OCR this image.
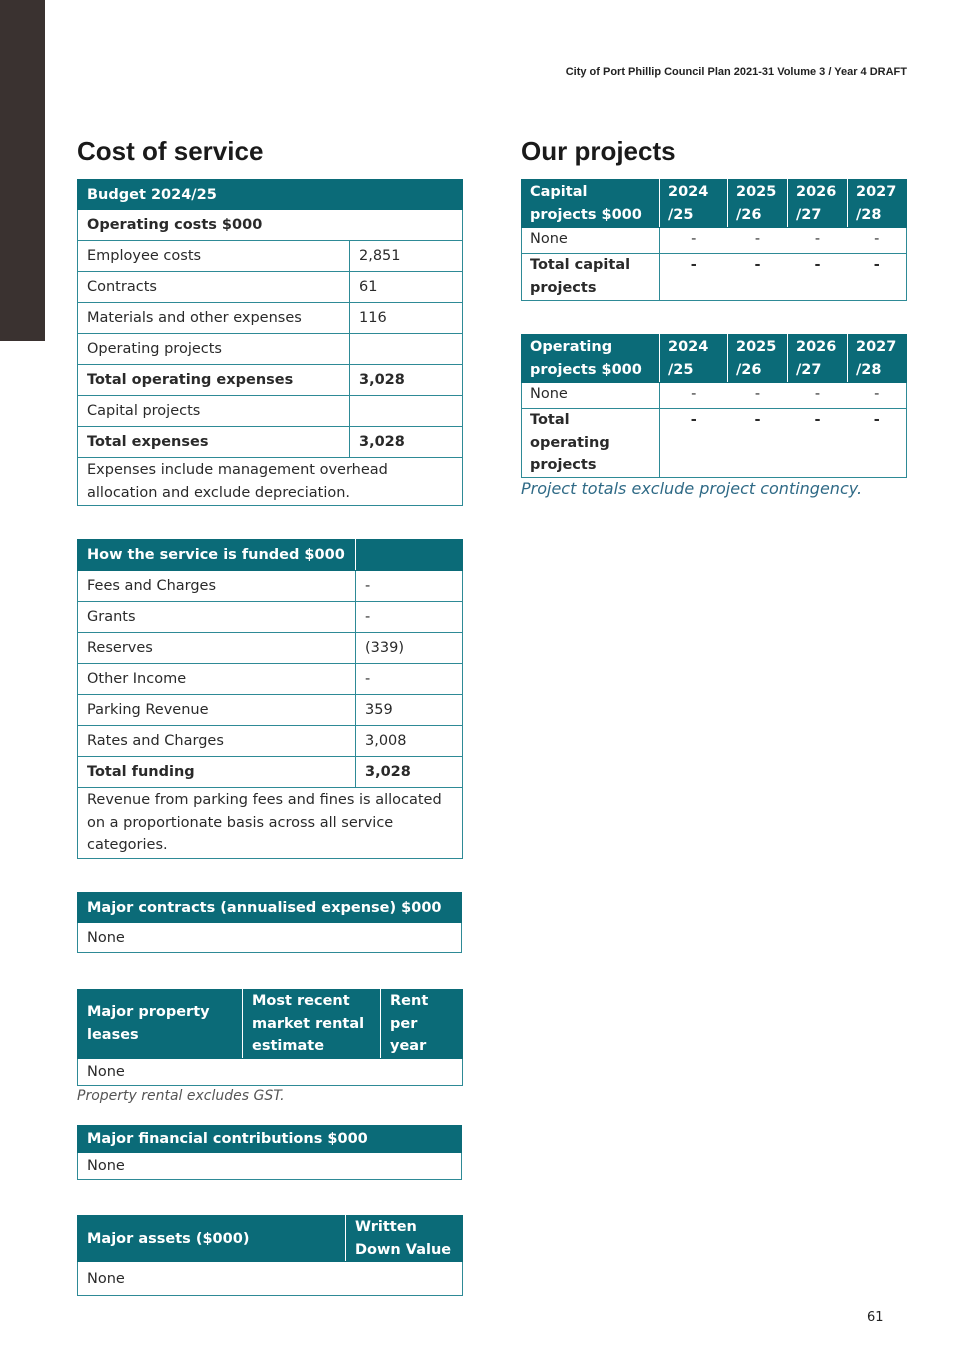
City of Port Phillip Council Plan 2021-31 Volume 3 / Year 4 DRAFT
Cost of service
Budget 2024/25	
Operating costs $000	
Employee costs	2,851
Contracts	61
Materials and other expenses	116
Operating projects	
Total operating expenses	3,028
Capital projects	
Total expenses	3,028
Expenses include management overhead allocation and exclude depreciation.	
How the service is funded $000	
Fees and Charges	-
Grants	-
Reserves	(339)
Other Income	-
Parking Revenue	359
Rates and Charges	3,008
Total funding	3,028
Revenue from parking fees and fines is allocated on a proportionate basis across all service categories.	
Major contracts (annualised expense) $000
None
Major property leases	Most recent market rental estimate	Rent per year
None		
Property rental excludes GST.
Major financial contributions $000
None
Major assets ($000)	Written Down Value
None	
Our projects
Capital projects $000	2024 /25	2025 /26	2026 /27	2027 /28
None	-	-	-	-
Total capital projects	-	-	-	-
Operating projects $000	2024 /25	2025 /26	2026 /27	2027 /28
None	-	-	-	-
Total operating projects	-	-	-	-
Project totals exclude project contingency.
61
